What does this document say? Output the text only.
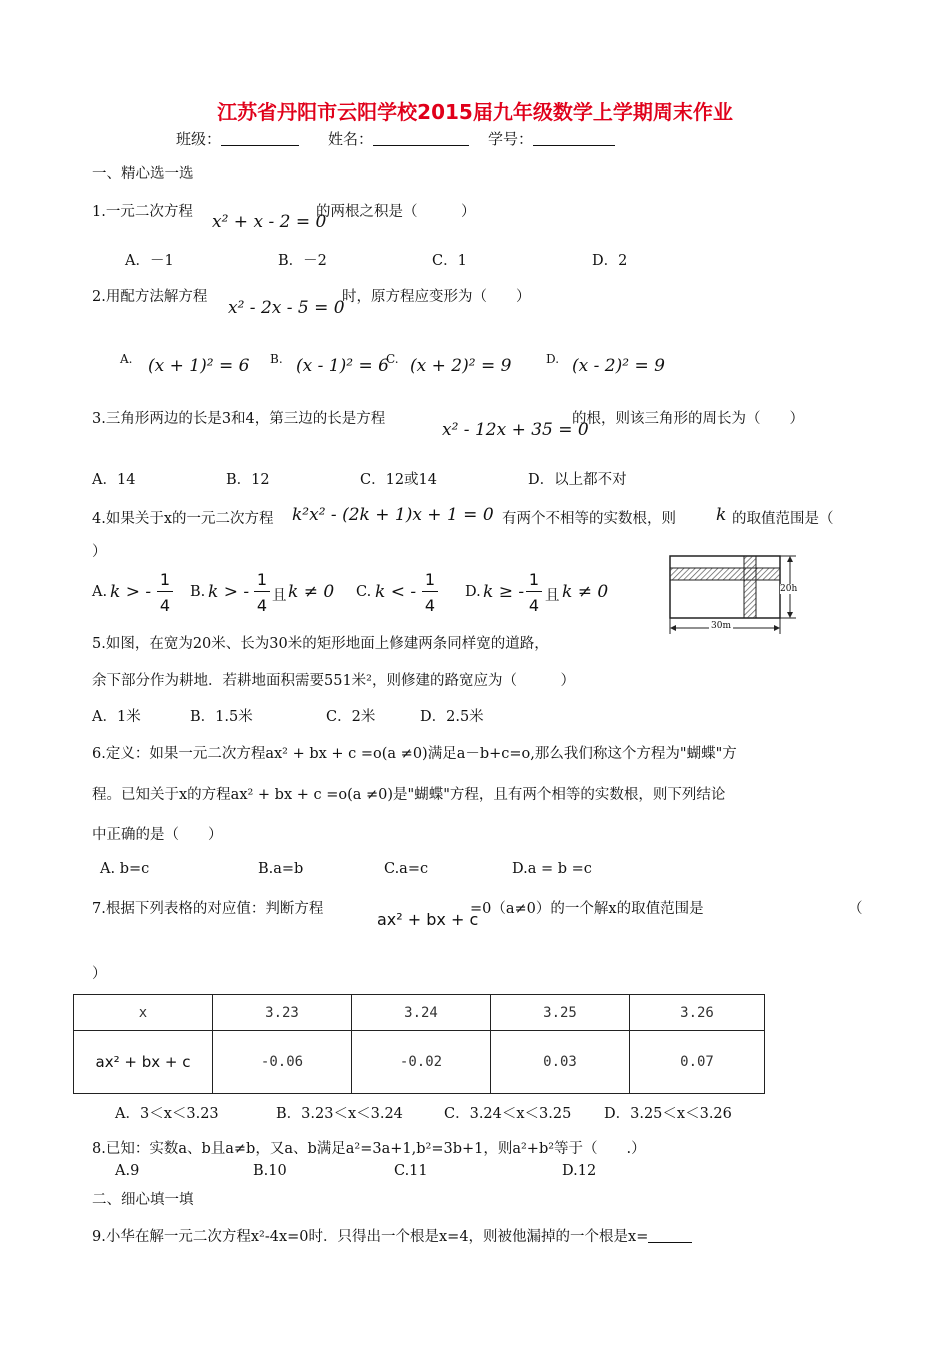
江苏省丹阳市云阳学校2015届九年级数学上学期周末作业
班级：	姓名：	学号：
一、精心选一选
1.一元二次方程 x² + x - 2 = 0
的两根之积是（　　　）
A．－1	B．－2	C．1	D．2
2.用配方法解方程
x² - 2x - 5 = 0
时，原方程应变形为（　　）
A. (x + 1)² = 6 B. (x - 1)² = 6
C. (x + 2)² = 9	D. (x - 2)² = 9
3.三角形两边的长是3和4，第三边的长是方程
x² - 12x + 35 = 0
的根，则该三角形的周长为（　　）
A．14	B．12	C．12或14	D．以上都不对
4.如果关于x的一元二次方程 k²x² - (2k + 1)x + 1 = 0 有两个不相等的实数根，则 k 的取值范围是（
）
A. k > -
1
4
B. k > -
1
4 且 k ≠ 0 C. k < -
1
4
D. k ≥ -
1
4 且 k ≠ 0	20h
30m
5.如图，在宽为20米、长为30米的矩形地面上修建两条同样宽的道路，
余下部分作为耕地．若耕地面积需要551米²，则修建的路宽应为（　　　）
A．1米	B．1.5米	C．2米	D．2.5米
6.定义：如果一元二次方程ax² + bx + c =o(a ≠0)满足a－b+c=o,那么我们称这个方程为"蝴蝶"方
程。已知关于x的方程ax² + bx + c =o(a ≠0)是"蝴蝶"方程，且有两个相等的实数根，则下列结论
中正确的是（　　）
A. b=c	B.a=b	C.a=c	D.a = b =c
7.根据下列表格的对应值：判断方程
ax² + bx + c
=0（a≠0）的一个解x的取值范围是	（
）
x	3.23	3.24	3.25	3.26
ax² + bx + c	-0.06	-0.02	0.03	0.07
A．3＜x＜3.23	B．3.23＜x＜3.24	C．3.24＜x＜3.25 D．3.25＜x＜3.26
8.已知：实数a、b且a≠b，又a、b满足a²=3a+1,b²=3b+1，则a²+b²等于（　　.）
A.9	B.10	C.11	D.12
二、细心填一填
9.小华在解一元二次方程x²-4x=0时．只得出一个根是x=4，则被他漏掉的一个根是x=
